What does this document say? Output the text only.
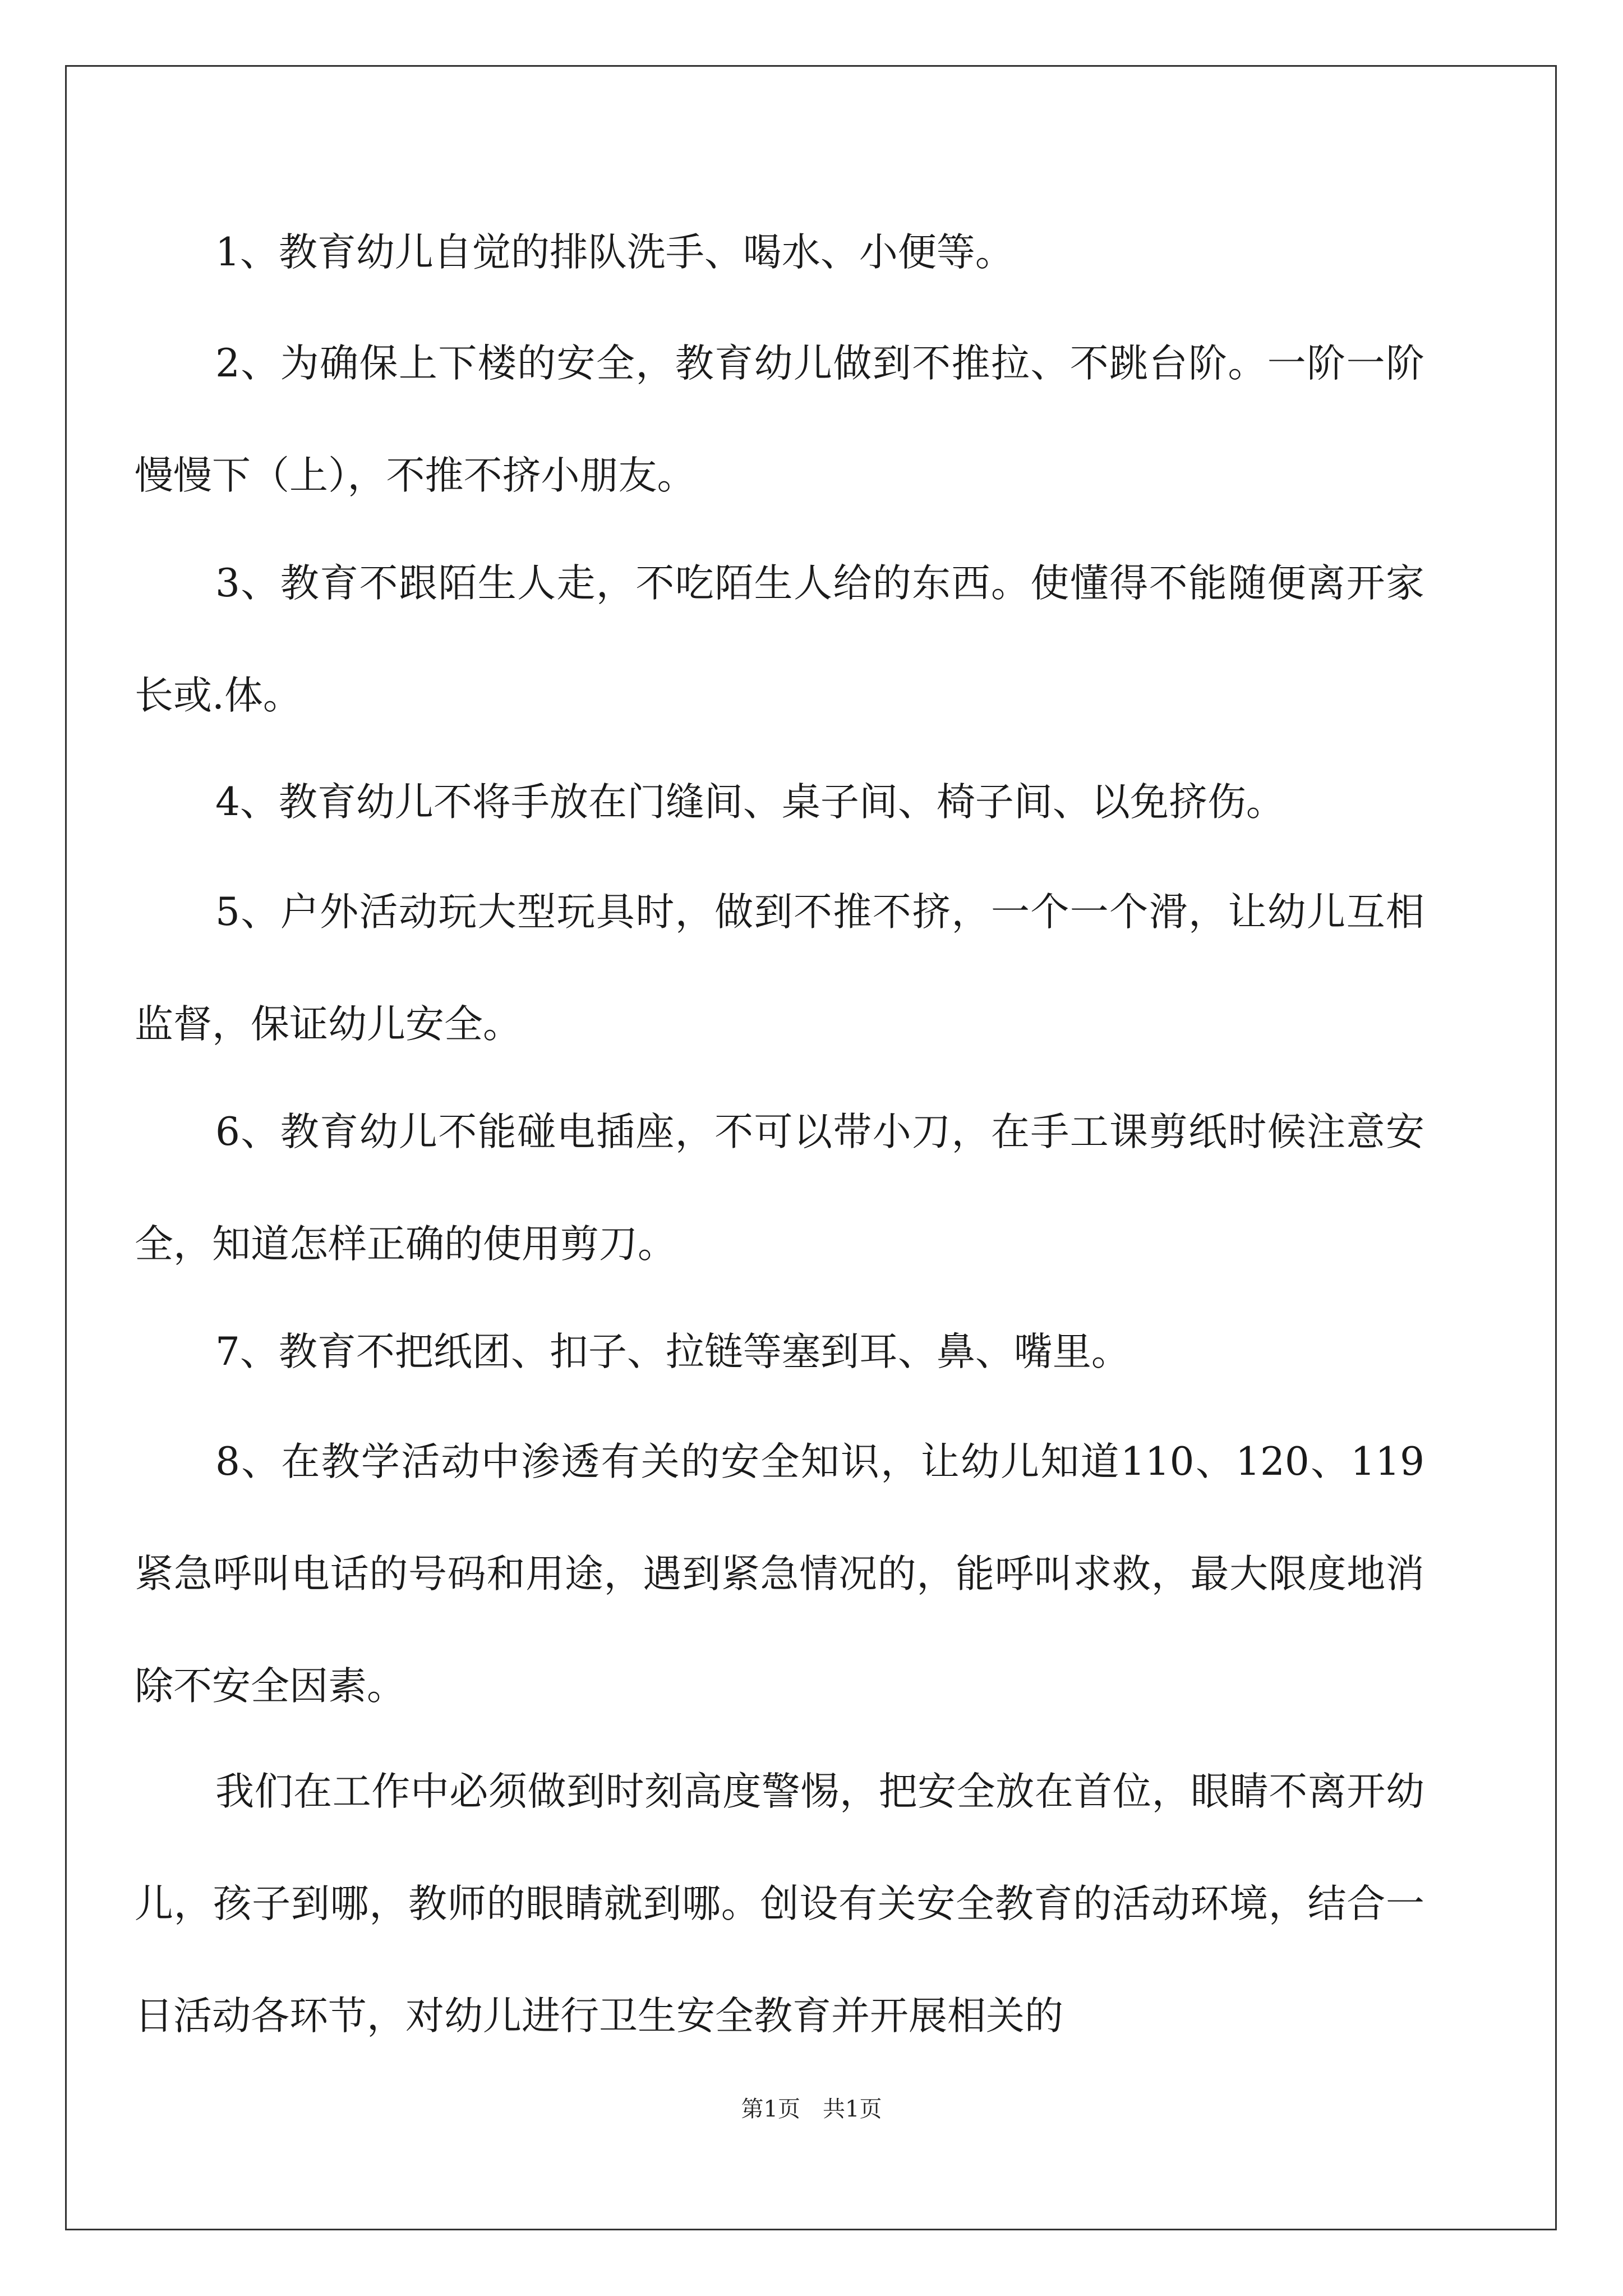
1、教育幼儿自觉的排队洗手、喝水、小便等。

2、为确保上下楼的安全，教育幼儿做到不推拉、不跳台阶。一阶一阶慢慢下（上），不推不挤小朋友。

3、教育不跟陌生人走，不吃陌生人给的东西。使懂得不能随便离开家长或.体。

4、教育幼儿不将手放在门缝间、桌子间、椅子间、以免挤伤。

5、户外活动玩大型玩具时，做到不推不挤，一个一个滑，让幼儿互相监督，保证幼儿安全。

6、教育幼儿不能碰电插座，不可以带小刀，在手工课剪纸时候注意安全，知道怎样正确的使用剪刀。

7、教育不把纸团、扣子、拉链等塞到耳、鼻、嘴里。

8、在教学活动中渗透有关的安全知识，让幼儿知道110、120、119紧急呼叫电话的号码和用途，遇到紧急情况的，能呼叫求救，最大限度地消除不安全因素。

我们在工作中必须做到时刻高度警惕，把安全放在首位，眼睛不离开幼儿，孩子到哪，教师的眼睛就到哪。创设有关安全教育的活动环境，结合一日活动各环节，对幼儿进行卫生安全教育并开展相关的

第1页 共1页
